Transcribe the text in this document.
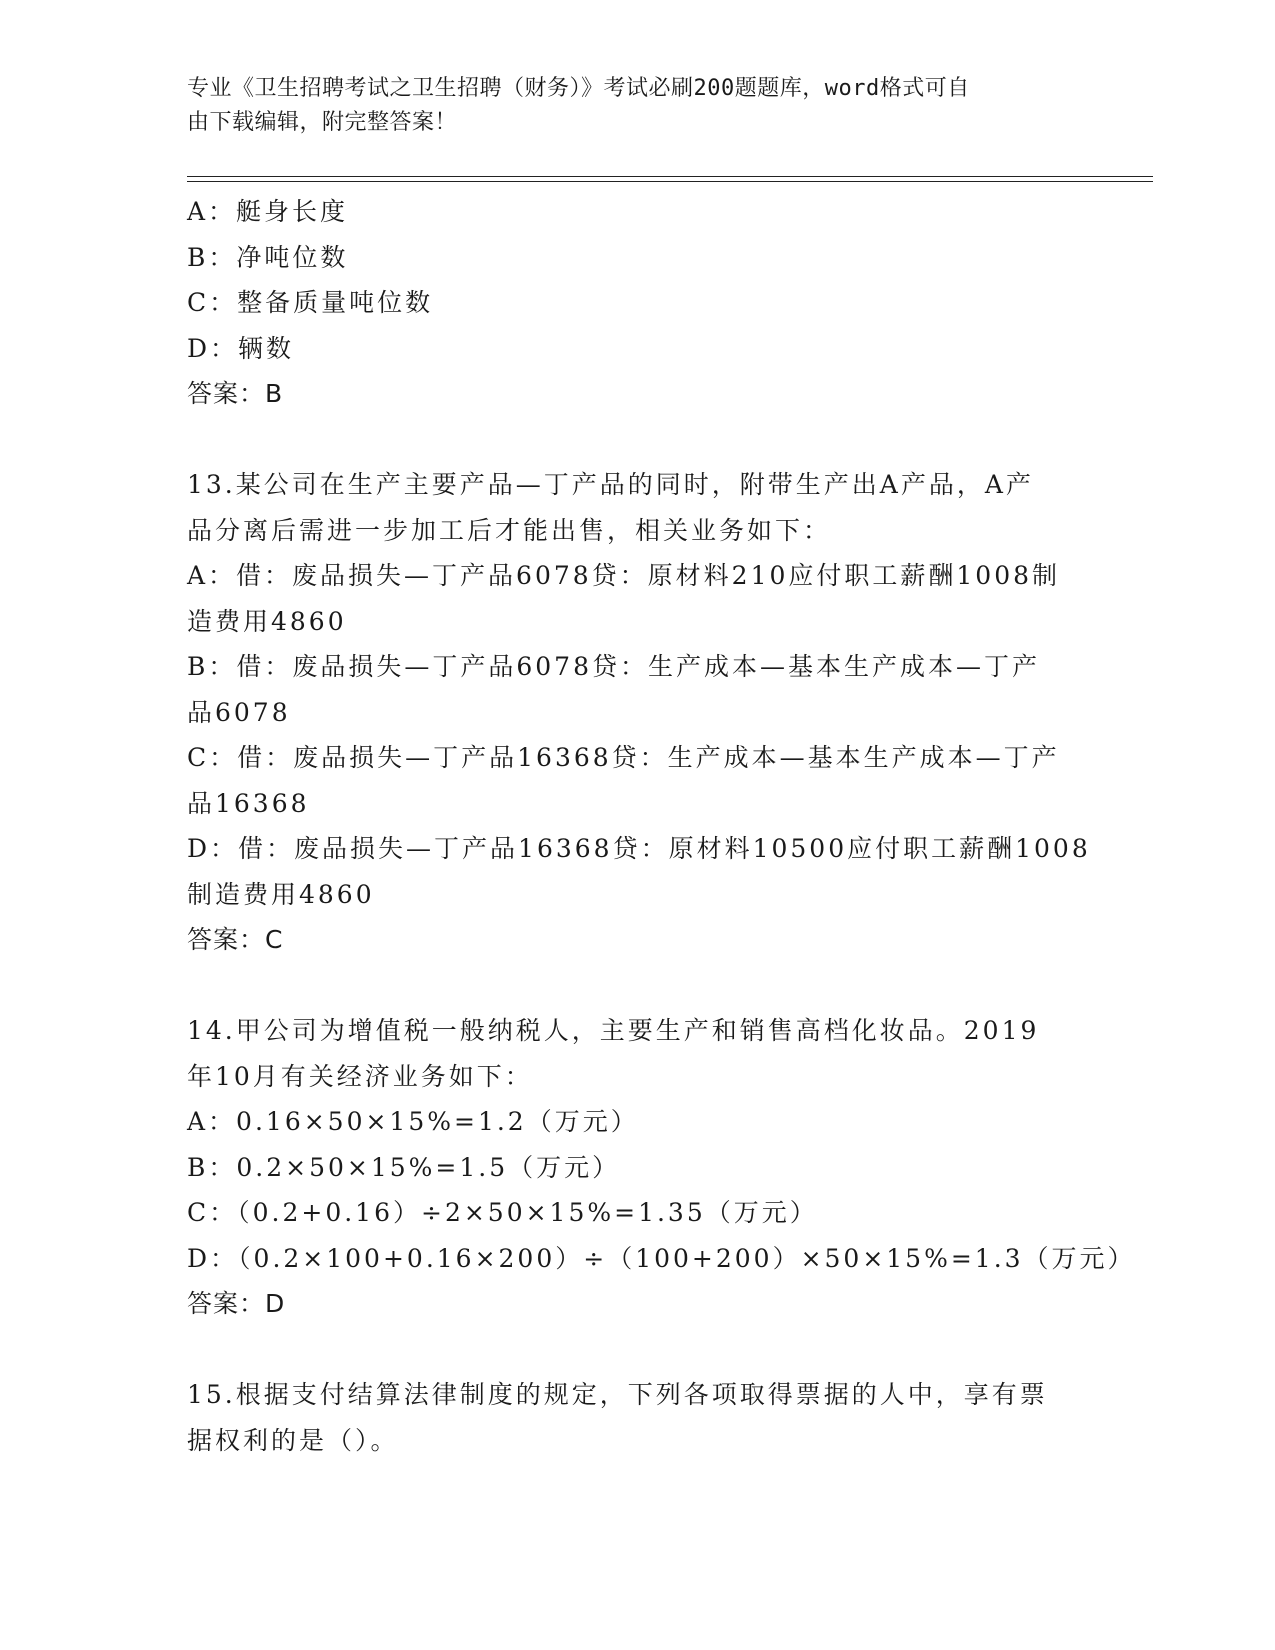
专业《卫生招聘考试之卫生招聘（财务）》考试必刷200题题库，word格式可自
由下载编辑，附完整答案！
A：艇身长度
B：净吨位数
C：整备质量吨位数
D：辆数
答案：B
13.某公司在生产主要产品—丁产品的同时，附带生产出A产品，A产
品分离后需进一步加工后才能出售，相关业务如下：
A：借：废品损失—丁产品6078贷：原材料210应付职工薪酬1008制
造费用4860
B：借：废品损失—丁产品6078贷：生产成本—基本生产成本—丁产
品6078
C：借：废品损失—丁产品16368贷：生产成本—基本生产成本—丁产
品16368
D：借：废品损失—丁产品16368贷：原材料10500应付职工薪酬1008
制造费用4860
答案：C
14.甲公司为增值税一般纳税人，主要生产和销售高档化妆品。2019
年10月有关经济业务如下：
A：0.16×50×15%=1.2（万元）
B：0.2×50×15%=1.5（万元）
C：（0.2+0.16）÷2×50×15%=1.35（万元）
D：（0.2×100+0.16×200）÷（100+200）×50×15%=1.3（万元）
答案：D
15.根据支付结算法律制度的规定，下列各项取得票据的人中，享有票
据权利的是（）。
